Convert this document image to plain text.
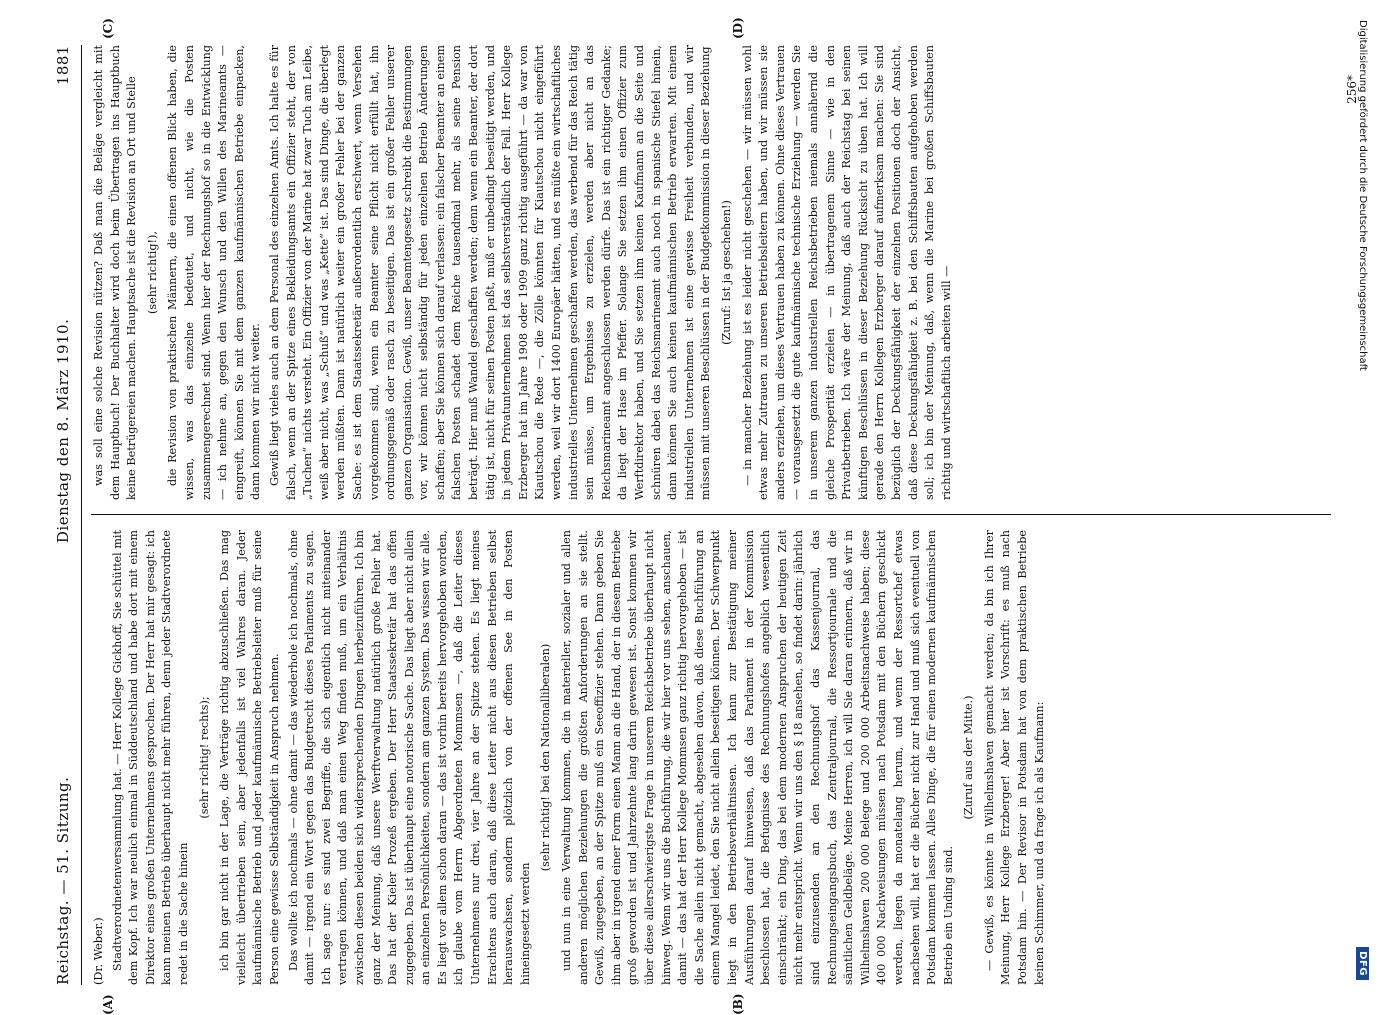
Reichstag. — 51. Sitzung.
Dienstag den 8. März 1910.
1881

(Dr. Weber.) Stadtverordnetenversammlung hat. — Herr Kollege Gickhoff, Sie schüttel mit dem Kopf. Ich war neulich einmal in Süddeutschland und habe dort mit einem Direktor eines großen Unternehmens gesprochen. Der Herr hat mir gesagt: ich kann meinen Betrieb überhaupt nicht mehr führen, denn jeder Stadtverordnete redet in die Sache hinein

(sehr richtig! rechts); ich bin gar nicht in der Lage, die Verträge richtig abzuschließen. Das mag vielleicht übertrieben sein, aber jedenfalls ist viel Wahres daran. Jeder kaufmännische Betrieb und jeder kaufmännische Betriebsleiter muß für seine Person eine gewisse Selbständigkeit in Anspruch nehmen. Das wollte ich nochmals — ohne damit — das wiederhole ich nochmals, ohne damit — irgend ein Wort gegen das Budgetrecht dieses Parlaments zu sagen. Ich sage nur: es sind zwei Begriffe, die sich eigentlich nicht miteinander vertragen können, und daß man einen Weg finden muß, um ein Verhältnis zwischen diesen beiden sich widersprechenden Dingen herbeizuführen. Ich bin ganz der Meinung, daß unsere Werftverwaltung natürlich große Fehler hat. Das hat der Kieler Prozeß ergeben. Der Herr Staatssekretär hat das offen zugegeben. Das ist überhaupt eine notorische Sache. Das liegt aber nicht allein an einzelnen Persönlichkeiten, sondern am ganzen System. Das wissen wir alle. Es liegt vor allem schon daran — das ist vorhin bereits hervorgehoben worden, ich glaube vom Herrn Abgeordneten Mommsen —, daß die Leiter dieses Unternehmens nur drei, vier Jahre an der Spitze stehen. Es liegt meines Erachtens auch daran, daß diese Leiter nicht aus diesen Betrieben selbst herauswachsen, sondern plötzlich von der offenen See in den Posten hineingesetzt werden

(sehr richtig! bei den Nationalliberalen) und nun in eine Verwaltung kommen, die in materieller, sozialer und allen anderen möglichen Beziehungen die größten Anforderungen an sie stellt. Gewiß, zugegeben, an der Spitze muß ein Seeoffizier stehen. Dann geben Sie ihm aber in irgend einer Form einen Mann an die Hand, der in diesem Betriebe groß geworden ist und Jahrzehnte lang darin gewesen ist. Sonst kommen wir über diese allerschwierigste Frage in unserem Reichsbetriebe überhaupt nicht hinweg. Wenn wir uns die Buchführung, die wir hier vor uns sehen, anschauen, damit — das hat der Herr Kollege Mommsen ganz richtig hervorgehoben — ist die Sache allein nicht gemacht, abgesehen davon, daß diese Buchführung an einem Mangel leidet, den Sie nicht allein beseitigen können. Der Schwerpunkt liegt in den Betriebsverhältnissen. Ich kann zur Bestätigung meiner Ausführungen darauf hinweisen, daß das Parlament in der Kommission beschlossen hat, die Befugnisse des Rechnungshofes angeblich wesentlich einschränkt; ein Ding, das bei dem modernen Anspruchen der heutigen Zeit nicht mehr entspricht. Wenn wir uns den § 18 ansehen, so findet darin: jährlich sind einzusenden an den Rechnungshof das Kassenjournal, das Rechnungseingangsbuch, das Zentraljournal, die Ressortjournale und die sämtlichen Geldbeläge. Meine Herren, ich will Sie daran erinnern, daß wir in Wilhelmshaven 200 000 Belege und 200 000 Arbeitsnachweise haben; diese 400 000 Nachweisungen müssen nach Potsdam mit den Büchern geschickt werden, liegen da monatelang herum, und wenn der Ressortchef etwas nachsehen will, hat er die Bücher nicht zur Hand und muß sich eventuell von Potsdam kommen lassen. Alles Dinge, die für einen modernen kaufmännischen Betrieb ein Unding sind.

(Zuruf aus der Mitte.) — Gewiß, es könnte in Wilhelmshaven gemacht werden; da bin ich Ihrer Meinung, Herr Kollege Erzberger! Aber hier ist Vorschrift: es muß nach Potsdam hin. — Der Revisor in Potsdam hat von dem praktischen Betriebe keinen Schimmer, und da frage ich als Kaufmann:

was soll eine solche Revision nützen? Daß man die Beläge vergleicht mit dem Hauptbuch! Der Buchhalter wird doch beim Übertragen ins Hauptbuch keine Betrügereien machen. Hauptsache ist die Revision an Ort und Stelle (sehr richtig!), die Revision von praktischen Männern, die einen offenen Blick haben, die wissen, was das einzelne bedeutet, und nicht, wie die Posten zusammengerechnet sind. Wenn hier der Rechnungshof so in die Entwicklung — ich nehme an, gegen den Wunsch und den Willen des Marineamts — eingreift, können Sie mit dem ganzen kaufmännischen Betriebe einpacken, dann kommen wir nicht weiter. Gewiß liegt vieles auch an dem Personal des einzelnen Amts. Ich halte es für falsch, wenn an der Spitze eines Bekleidungsamts ein Offizier steht, der von „Tuchen“ nichts versteht. Ein Offizier von der Marine hat zwar Tuch am Leibe, weiß aber nicht, was „Schuß“ und was „Kette“ ist. Das sind Dinge, die überlegt werden müßten. Dann ist natürlich weiter ein großer Fehler bei der ganzen Sache: es ist dem Staatssekretär außerordentlich erschwert, wenn Versehen vorgekommen sind, wenn ein Beamter seine Pflicht nicht erfüllt hat, ihn ordnungsgemäß oder rasch zu beseitigen. Das ist ein großer Fehler unserer ganzen Organisation. Gewiß, unser Beamtengesetz schreibt die Bestimmungen vor, wir können nicht selbständig für jeden einzelnen Betrieb Änderungen schaffen; aber Sie können sich darauf verlassen: ein falscher Beamter an einem falschen Posten schadet dem Reiche tausendmal mehr, als seine Pension beträgt. Hier muß Wandel geschaffen werden; denn wenn ein Beamter, der dort tätig ist, nicht für seinen Posten paßt, muß er unbedingt beseitigt werden, und in jedem Privatunternehmen ist das selbstverständlich der Fall. Herr Kollege Erzberger hat im Jahre 1908 oder 1909 ganz richtig ausgeführt — da war von Kiautschou die Rede —, die Zölle könnten für Kiautschou nicht eingeführt werden, weil wir dort 1400 Europäer hätten, und es müßte ein wirtschaftliches industrielles Unternehmen geschaffen werden, das werbend für das Reich tätig sein müsse, um Ergebnisse zu erzielen, werden aber nicht an das Reichsmarineamt angeschlossen werden dürfe. Das ist ein richtiger Gedanke; da liegt der Hase im Pfeffer. Solange Sie setzen ihm einen Offizier zum Werftdirektor haben, und Sie setzen ihm keinen Kaufmann an die Seite und schnüren dabei das Reichsmarineamt auch noch in spanische Stiefel hinein, dann können Sie auch keinen kaufmännischen Betrieb erwarten. Mit einem industriellen Unternehmen ist eine gewisse Freiheit verbunden, und wir müssen mit unseren Beschlüssen in der Budgetkommission in dieser Beziehung (Zuruf: Ist ja geschehen!) — in mancher Beziehung ist es leider nicht geschehen — wir müssen wohl etwas mehr Zutrauen zu unseren Betriebsleitern haben, und wir müssen sie anders erziehen, um dieses Vertrauen haben zu können. Ohne dieses Vertrauen — vorausgesetzt die gute kaufmännische technische Erziehung — werden Sie in unserem ganzen industriellen Reichsbetrieben niemals annähernd die gleiche Prosperität erzielen — in übertragenem Sinne — wie in den Privatbetrieben. Ich wäre der Meinung, daß auch der Reichstag bei seinen künftigen Beschlüssen in dieser Beziehung Rücksicht zu üben hat. Ich will gerade den Herrn Kollegen Erzberger darauf aufmerksam machen: Sie sind bezüglich der Deckungsfähigkeit der einzelnen Positionen doch der Ansicht, daß diese Deckungsfähigkeit z. B. bei den Schiffsbauten aufgehoben werden soll; ich bin der Meinung, daß, wenn die Marine bei großen Schiffsbauten richtig und wirtschaftlich arbeiten will —

(A)	(B)
(C)	(D)
256*
Digitalisierung gefördert durch die Deutsche Forschungsgemeinschaft
DFG
